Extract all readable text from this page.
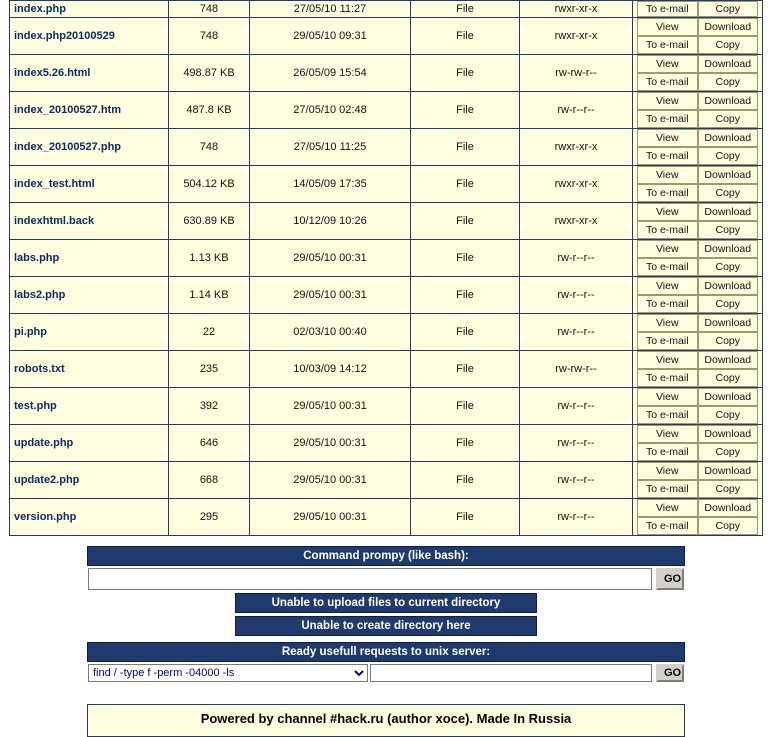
index.php	748	27/05/10 11:27	File	rwxr-xr-x	To e-mail Copy

index.php20100529	748	29/05/10 09:31	File	rwxr-xr-x	View Download
To e-mail Copy

index5.26.html	498.87 KB	26/05/09 15:54	File	rw-rw-r--	View Download
To e-mail Copy

index_20100527.htm	487.8 KB	27/05/10 02:48	File	rw-r--r--	View Download
To e-mail Copy

index_20100527.php	748	27/05/10 11:25	File	rwxr-xr-x	View Download
To e-mail Copy

index_test.html	504.12 KB	14/05/09 17:35	File	rwxr-xr-x	View Download
To e-mail Copy

indexhtml.back	630.89 KB	10/12/09 10:26	File	rwxr-xr-x	View Download
To e-mail Copy

labs.php	1.13 KB	29/05/10 00:31	File	rw-r--r--	View Download
To e-mail Copy

labs2.php	1.14 KB	29/05/10 00:31	File	rw-r--r--	View Download
To e-mail Copy

pi.php	22	02/03/10 00:40	File	rw-r--r--	View Download
To e-mail Copy

robots.txt	235	10/03/09 14:12	File	rw-rw-r--	View Download
To e-mail Copy

test.php	392	29/05/10 00:31	File	rw-r--r--	View Download
To e-mail Copy

update.php	646	29/05/10 00:31	File	rw-r--r--	View Download
To e-mail Copy

update2.php	668	29/05/10 00:31	File	rw-r--r--	View Download
To e-mail Copy

version.php	295	29/05/10 00:31	File	rw-r--r--	View Download
To e-mail Copy
Command prompy (like bash):
GO
Unable to upload files to current directory
Unable to create directory here
Ready usefull requests to unix server:
find / -type f -perm -04000 -ls
GO
Powered by channel #hack.ru (author xoce). Made In Russia
